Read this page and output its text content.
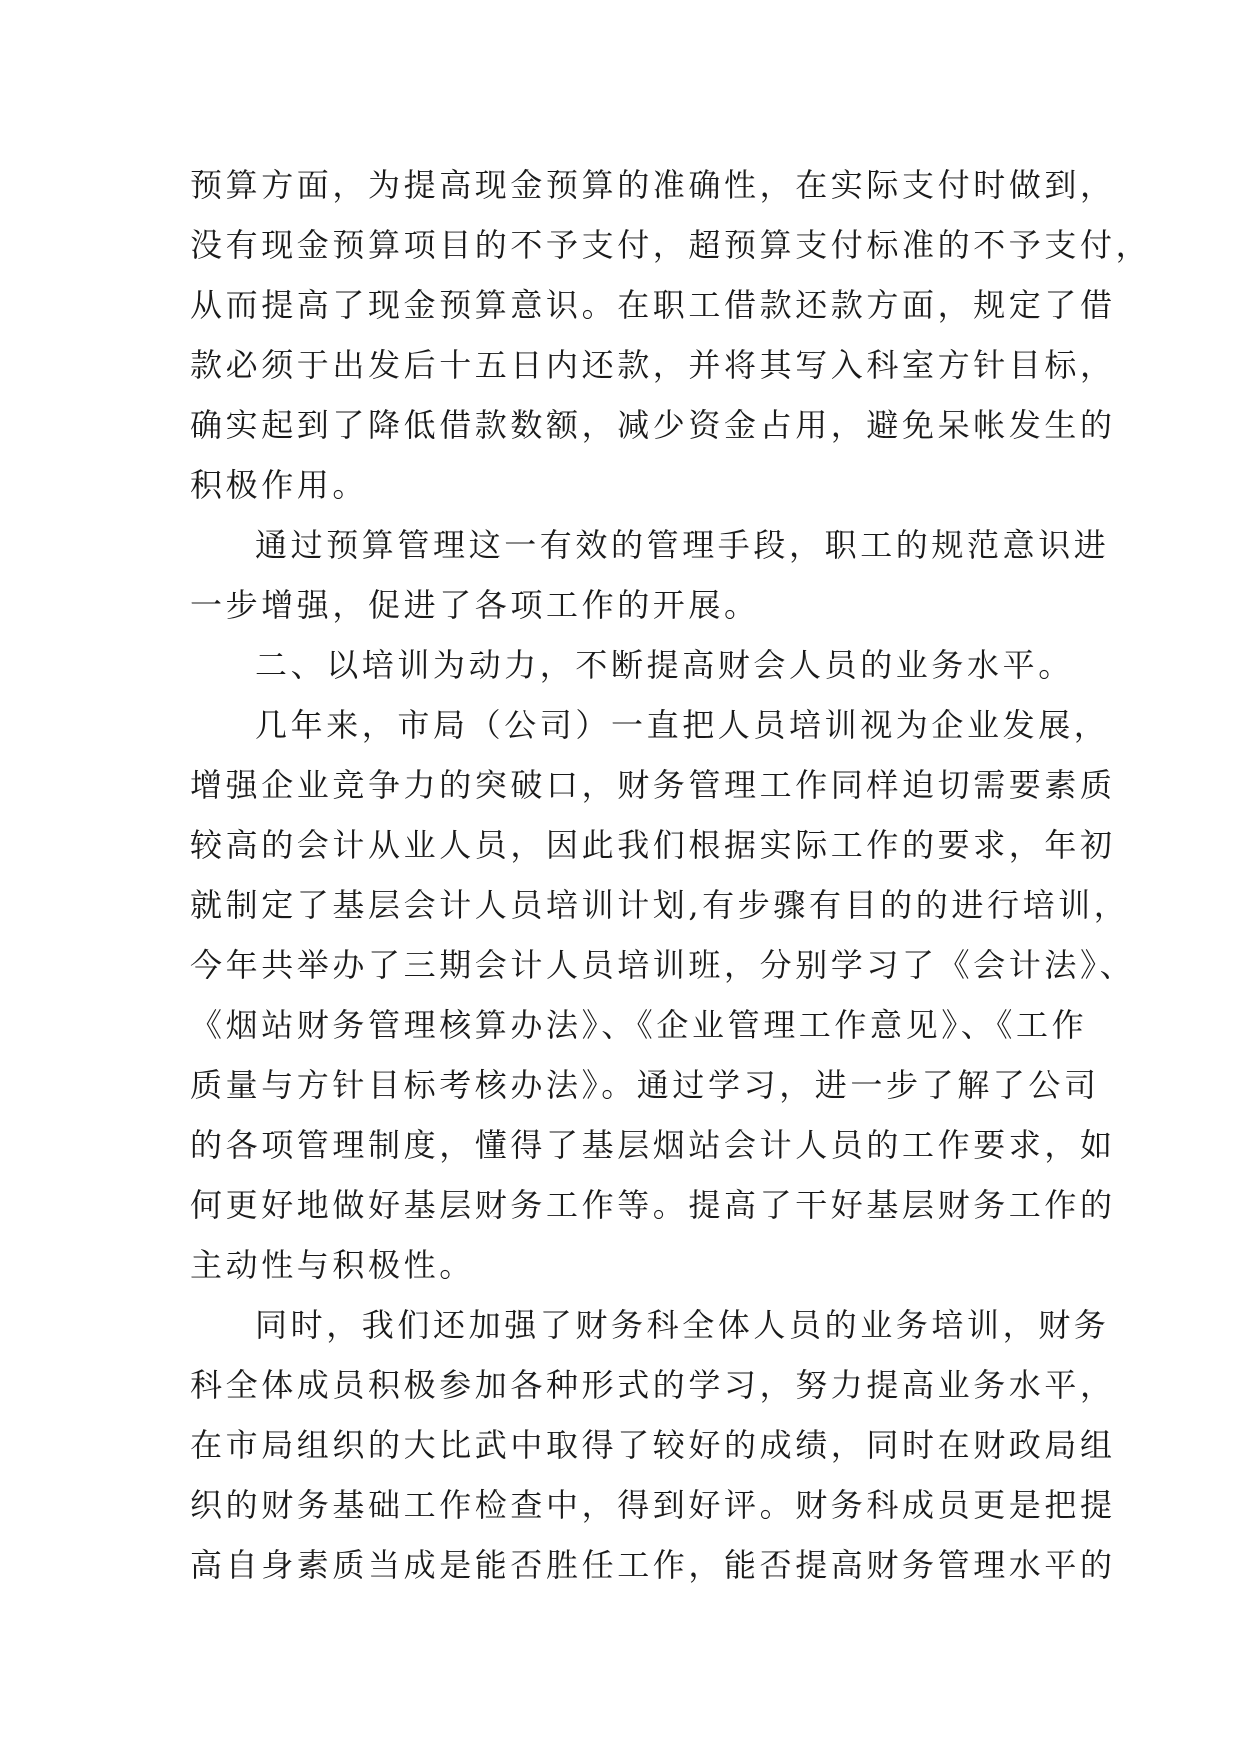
预算方面，为提高现金预算的准确性，在实际支付时做到，
没有现金预算项目的不予支付，超预算支付标准的不予支付，
从而提高了现金预算意识。在职工借款还款方面，规定了借
款必须于出发后十五日内还款，并将其写入科室方针目标，
确实起到了降低借款数额，减少资金占用，避免呆帐发生的
积极作用。
通过预算管理这一有效的管理手段，职工的规范意识进
一步增强，促进了各项工作的开展。
二、以培训为动力，不断提高财会人员的业务水平。
几年来，市局（公司）一直把人员培训视为企业发展，
增强企业竞争力的突破口，财务管理工作同样迫切需要素质
较高的会计从业人员，因此我们根据实际工作的要求，年初
就制定了基层会计人员培训计划,有步骤有目的的进行培训，
今年共举办了三期会计人员培训班，分别学习了《会计法》、
《烟站财务管理核算办法》、《企业管理工作意见》、《工作
质量与方针目标考核办法》。通过学习，进一步了解了公司
的各项管理制度，懂得了基层烟站会计人员的工作要求，如
何更好地做好基层财务工作等。提高了干好基层财务工作的
主动性与积极性。
同时，我们还加强了财务科全体人员的业务培训，财务
科全体成员积极参加各种形式的学习，努力提高业务水平，
在市局组织的大比武中取得了较好的成绩，同时在财政局组
织的财务基础工作检查中，得到好评。财务科成员更是把提
高自身素质当成是能否胜任工作，能否提高财务管理水平的
